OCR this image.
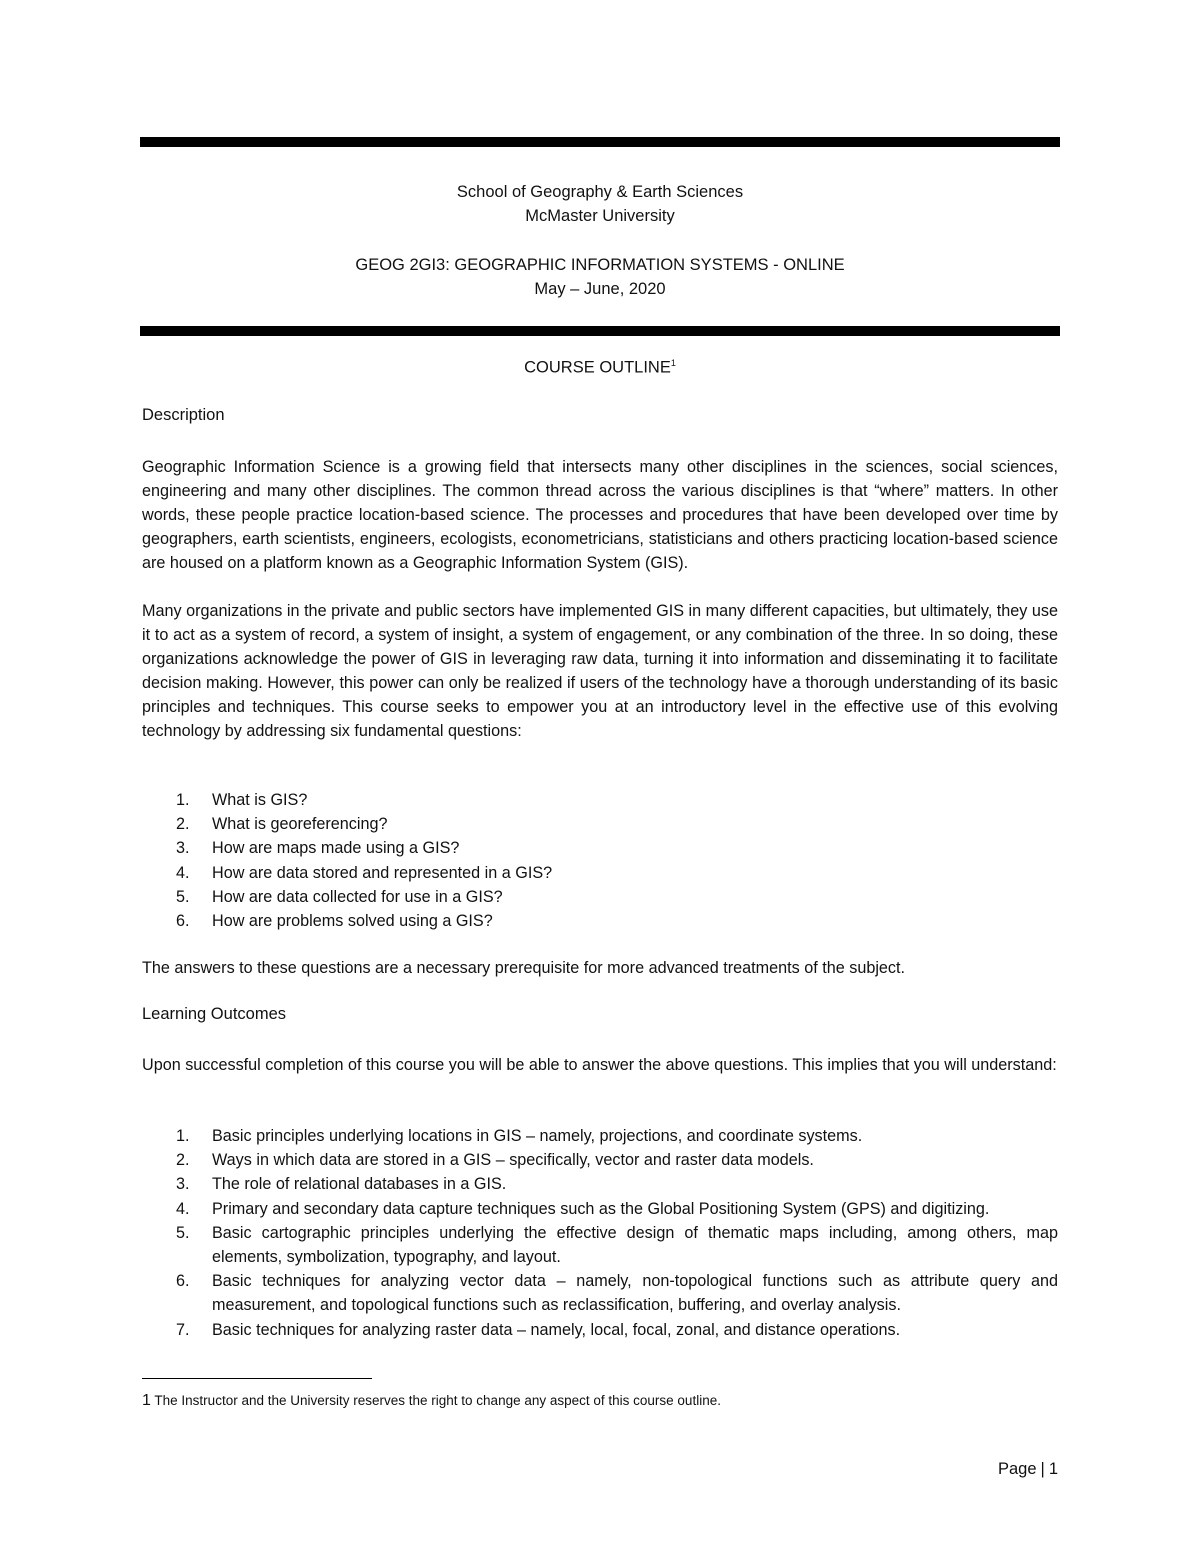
School of Geography & Earth Sciences
McMaster University
GEOG 2GI3: GEOGRAPHIC INFORMATION SYSTEMS - ONLINE
May – June, 2020
COURSE OUTLINE$^1$
Description
Geographic Information Science is a growing field that intersects many other disciplines in the sciences, social sciences, engineering and many other disciplines. The common thread across the various disciplines is that “where” matters. In other words, these people practice location-based science. The processes and procedures that have been developed over time by geographers, earth scientists, engineers, ecologists, econometricians, statisticians and others practicing location-based science are housed on a platform known as a Geographic Information System (GIS).
Many organizations in the private and public sectors have implemented GIS in many different capacities, but ultimately, they use it to act as a system of record, a system of insight, a system of engagement, or any combination of the three. In so doing, these organizations acknowledge the power of GIS in leveraging raw data, turning it into information and disseminating it to facilitate decision making. However, this power can only be realized if users of the technology have a thorough understanding of its basic principles and techniques. This course seeks to empower you at an introductory level in the effective use of this evolving technology by addressing six fundamental questions:
1.	What is GIS?
2.	What is georeferencing?
3.	How are maps made using a GIS?
4.	How are data stored and represented in a GIS?
5.	How are data collected for use in a GIS?
6.	How are problems solved using a GIS?
The answers to these questions are a necessary prerequisite for more advanced treatments of the subject.
Learning Outcomes
Upon successful completion of this course you will be able to answer the above questions. This implies that you will understand:
1.	Basic principles underlying locations in GIS – namely, projections, and coordinate systems.
2.	Ways in which data are stored in a GIS – specifically, vector and raster data models.
3.	The role of relational databases in a GIS.
4.	Primary and secondary data capture techniques such as the Global Positioning System (GPS) and digitizing.
5.	Basic cartographic principles underlying the effective design of thematic maps including, among others, map elements, symbolization, typography, and layout.
6.	Basic techniques for analyzing vector data – namely, non-topological functions such as attribute query and measurement, and topological functions such as reclassification, buffering, and overlay analysis.
7.	Basic techniques for analyzing raster data – namely, local, focal, zonal, and distance operations.
1 The Instructor and the University reserves the right to change any aspect of this course outline.
Page | 1
